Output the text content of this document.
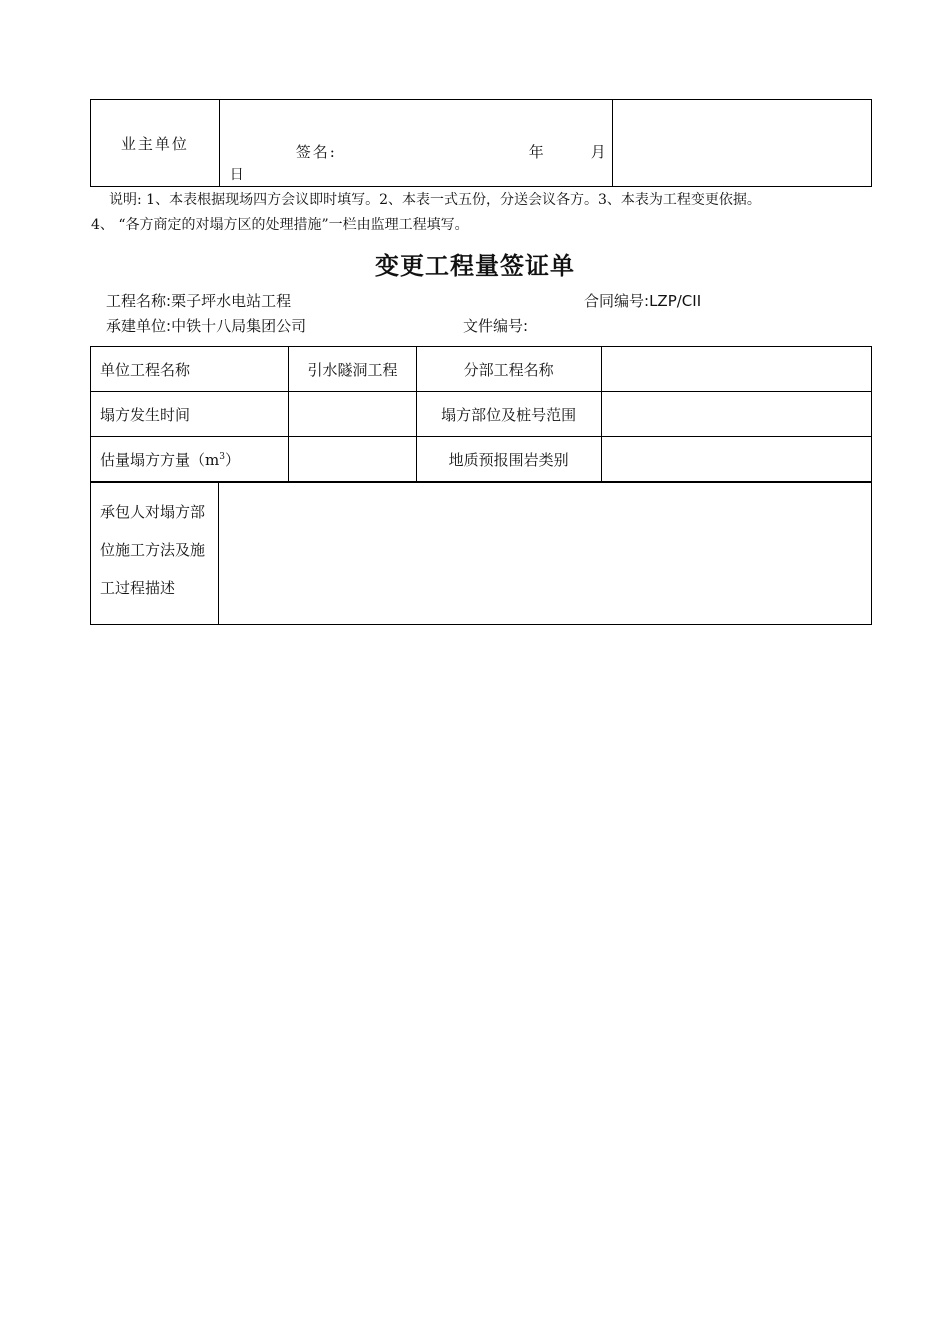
业主单位	签名:	年	月
日

说明: 1、本表根据现场四方会议即时填写。2、本表一式五份，分送会议各方。3、本表为工程变更依据。
4、 “各方商定的对塌方区的处理措施”一栏由监理工程填写。
变更工程量签证单
工程名称:栗子坪水电站工程	合同编号:LZP/CII
承建单位:中铁十八局集团公司	文件编号:
单位工程名称	引水隧洞工程	分部工程名称	
塌方发生时间		塌方部位及桩号范围	
估量塌方方量$(m^3)$		地质预报围岩类别	
承包人对塌方部
位施工方法及施
工过程描述
